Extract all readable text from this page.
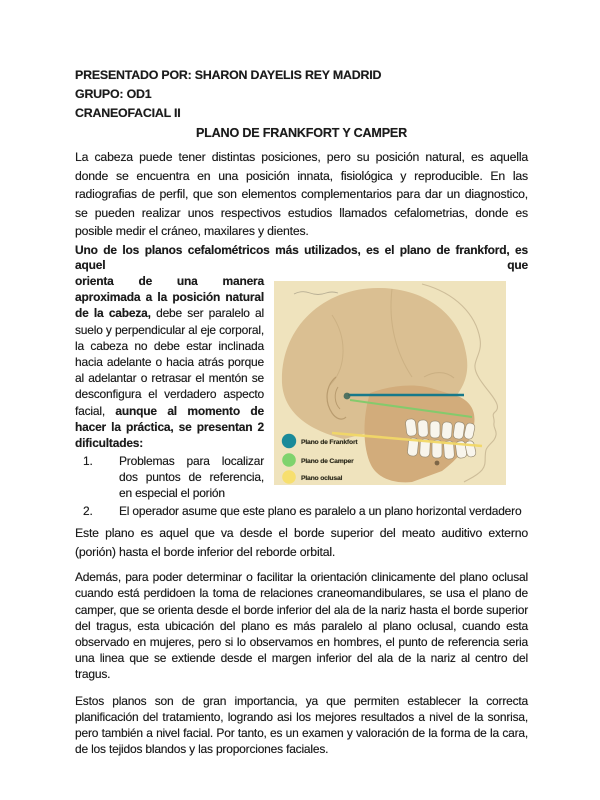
PRESENTADO POR: SHARON DAYELIS REY MADRID
GRUPO: OD1
CRANEOFACIAL II
PLANO DE FRANKFORT Y CAMPER

La cabeza puede tener distintas posiciones, pero su posición natural, es aquella donde se encuentra en una posición innata, fisiológica y reproducible. En las radiografias de perfil, que son elementos complementarios para dar un diagnostico, se pueden realizar unos respectivos estudios llamados cefalometrias, donde es posible medir el cráneo, maxilares y dientes.

Uno de los planos cefalométricos más utilizados, es el plano de frankford, es aquel que

Plano de Frankfort
Plano de Camper
Plano oclusal
orienta de una manera aproximada a la posición natural de la cabeza, debe ser paralelo al suelo y perpendicular al eje corporal, la cabeza no debe estar inclinada hacia adelante o hacia atrás porque al adelantar o retrasar el mentón se desconfigura el verdadero aspecto facial, aunque al momento de hacer la práctica, se presentan 2 dificultades:
1. Problemas para localizar dos puntos de referencia, en especial el porión
2. El operador asume que este plano es paralelo a un plano horizontal verdadero

Este plano es aquel que va desde el borde superior del meato auditivo externo (porión) hasta el borde inferior del reborde orbital.

Además, para poder determinar o facilitar la orientación clinicamente del plano oclusal cuando está perdidoen la toma de relaciones craneomandibulares, se usa el plano de camper, que se orienta desde el borde inferior del ala de la nariz hasta el borde superior del tragus, esta ubicación del plano es más paralelo al plano oclusal, cuando esta observado en mujeres, pero si lo observamos en hombres, el punto de referencia seria una linea que se extiende desde el margen inferior del ala de la nariz al centro del tragus.

Estos planos son de gran importancia, ya que permiten establecer la correcta planificación del tratamiento, logrando asi los mejores resultados a nivel de la sonrisa, pero también a nivel facial. Por tanto, es un examen y valoración de la forma de la cara, de los tejidos blandos y las proporciones faciales.
